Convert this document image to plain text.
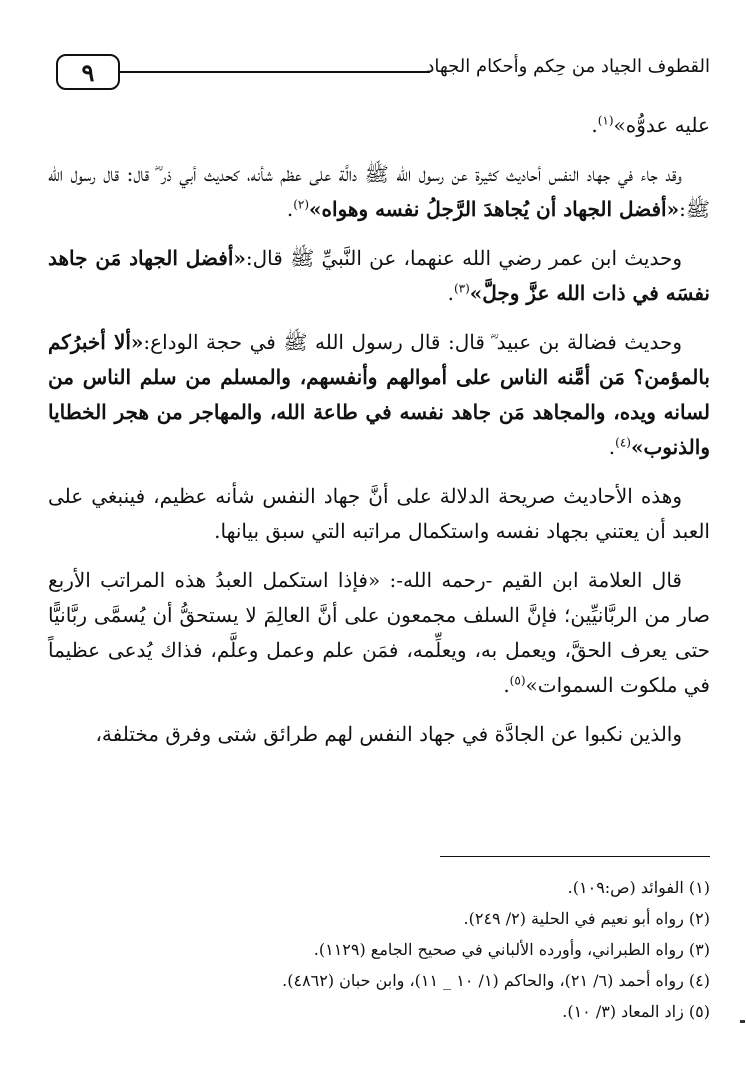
٩	القطوف الجياد من حِكم وأحكام الجهاد

عليه عدوُّه»$^{(١)}$.

وقد جاء في جهاد النفس أحاديث كثيرة عن رسول الله ﷺ دالَّة على عظم شأنه، كحديث أبي ذر ؓ قال: قال رسول الله ﷺ:«أفضل الجهاد أن يُجاهدَ الرَّجلُ نفسه وهواه»$^{(٢)}$.

وحديث ابن عمر رضي الله عنهما، عن النَّبيِّ ﷺ قال:«أفضل الجهاد مَن جاهد نفسَه في ذات الله عزَّ وجلَّ»$^{(٣)}$.

وحديث فضالة بن عبيد ؓ قال: قال رسول الله ﷺ في حجة الوداع:«ألا أخبرُكم بالمؤمن؟ مَن أمَّنه الناس على أموالهم وأنفسهم، والمسلم من سلم الناس من لسانه ويده، والمجاهد مَن جاهد نفسه في طاعة الله، والمهاجر من هجر الخطايا والذنوب»$^{(٤)}$.

وهذه الأحاديث صريحة الدلالة على أنَّ جهاد النفس شأنه عظيم، فينبغي على العبد أن يعتني بجهاد نفسه واستكمال مراتبه التي سبق بيانها.

قال العلامة ابن القيم -رحمه الله-: «فإذا استكمل العبدُ هذه المراتب الأربع صار من الربَّانيِّين؛ فإنَّ السلف مجمعون على أنَّ العالِمَ لا يستحقُّ أن يُسمَّى ربَّانيًّا حتى يعرف الحقَّ، ويعمل به، ويعلِّمه، فمَن علم وعمل وعلَّم، فذاك يُدعى عظيماً في ملكوت السموات»$^{(٥)}$.

والذين نكبوا عن الجادَّة في جهاد النفس لهم طرائق شتى وفرق مختلفة،

(١) الفوائد (ص:١٠٩).

(٢) رواه أبو نعيم في الحلية (٢/ ٢٤٩).

(٣) رواه الطبراني، وأورده الألباني في صحيح الجامع (١١٢٩).

(٤) رواه أحمد (٦/ ٢١)، والحاكم (١/ ١٠ _ ١١)، وابن حبان (٤٨٦٢).

(٥) زاد المعاد (٣/ ١٠).
